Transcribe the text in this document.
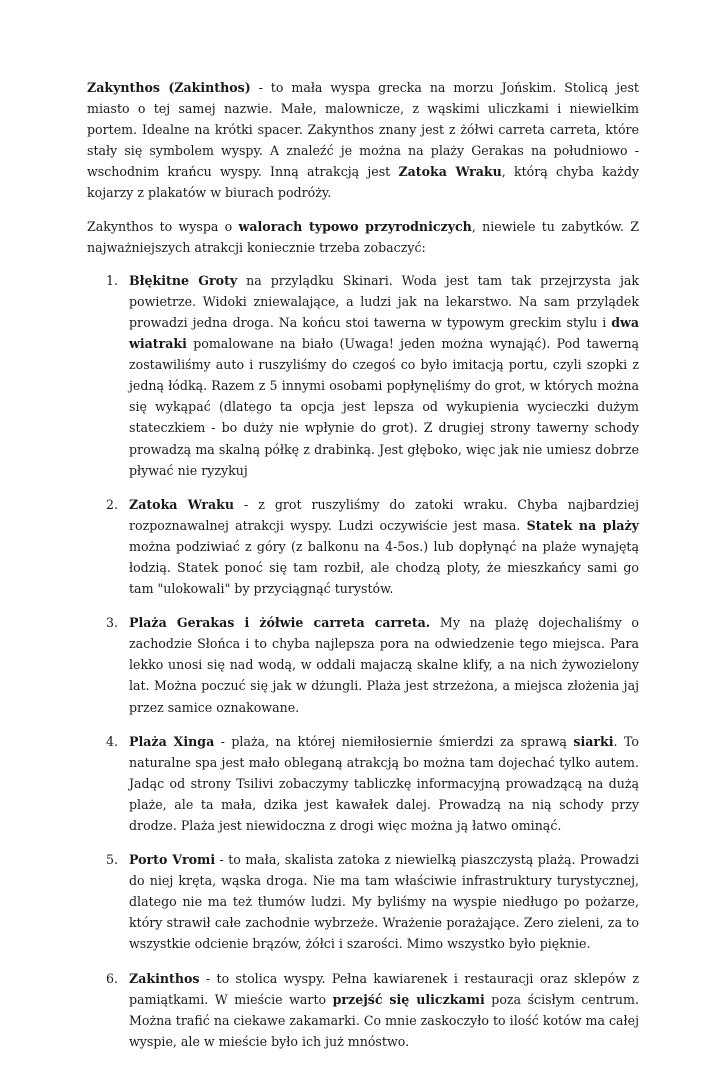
Zakynthos (Zakinthos) - to mała wyspa grecka na morzu Jońskim. Stolicą jest miasto o tej samej nazwie. Małe, malownicze, z wąskimi uliczkami i niewielkim portem. Idealne na krótki spacer. Zakynthos znany jest z żółwi carreta carreta, które stały się symbolem wyspy. A znaleźć je można na plaży Gerakas na południowo - wschodnim krańcu wyspy. Inną atrakcją jest Zatoka Wraku, którą chyba każdy kojarzy z plakatów w biurach podróży.

Zakynthos to wyspa o walorach typowo przyrodniczych, niewiele tu zabytków. Z najważniejszych atrakcji koniecznie trzeba zobaczyć:

1. Błękitne Groty na przylądku Skinari. Woda jest tam tak przejrzysta jak powietrze. Widoki zniewalające, a ludzi jak na lekarstwo. Na sam przylądek prowadzi jedna droga. Na końcu stoi tawerna w typowym greckim stylu i dwa wiatraki pomalowane na biało (Uwaga! jeden można wynająć). Pod tawerną zostawiliśmy auto i ruszyliśmy do czegoś co było imitacją portu, czyli szopki z jedną łódką. Razem z 5 innymi osobami popłynęliśmy do grot, w których można się wykąpać (dlatego ta opcja jest lepsza od wykupienia wycieczki dużym stateczkiem - bo duży nie wpłynie do grot). Z drugiej strony tawerny schody prowadzą ma skalną półkę z drabinką. Jest głęboko, więc jak nie umiesz dobrze pływać nie ryzykuj
2. Zatoka Wraku - z grot ruszyliśmy do zatoki wraku. Chyba najbardziej rozpoznawalnej atrakcji wyspy. Ludzi oczywiście jest masa. Statek na plaży można podziwiać z góry (z balkonu na 4-5os.) lub dopłynąć na plaże wynajętą łodzią. Statek ponoć się tam rozbił, ale chodzą ploty, że mieszkańcy sami go tam "ulokowali" by przyciągnąć turystów.
3. Plaża Gerakas i żółwie carreta carreta. My na plażę dojechaliśmy o zachodzie Słońca i to chyba najlepsza pora na odwiedzenie tego miejsca. Para lekko unosi się nad wodą, w oddali majaczą skalne klify, a na nich żywozielony lat. Można poczuć się jak w dżungli. Plaża jest strzeżona, a miejsca złożenia jaj przez samice oznakowane.
4. Plaża Xinga - plaża, na której niemiłosiernie śmierdzi za sprawą siarki. To naturalne spa jest mało obleganą atrakcją bo można tam dojechać tylko autem. Jadąc od strony Tsilivi zobaczymy tabliczkę informacyjną prowadzącą na dużą plaże, ale ta mała, dzika jest kawałek dalej. Prowadzą na nią schody przy drodze. Plaża jest niewidoczna z drogi więc można ją łatwo ominąć.
5. Porto Vromi - to mała, skalista zatoka z niewielką piaszczystą plażą. Prowadzi do niej kręta, wąska droga. Nie ma tam właściwie infrastruktury turystycznej, dlatego nie ma też tłumów ludzi. My byliśmy na wyspie niedługo po pożarze, który strawił całe zachodnie wybrzeże. Wrażenie porażające. Zero zieleni, za to wszystkie odcienie brązów, żółci i szarości. Mimo wszystko było pięknie.
6. Zakinthos - to stolica wyspy. Pełna kawiarenek i restauracji oraz sklepów z pamiątkami. W mieście warto przejść się uliczkami poza ścisłym centrum. Można trafić na ciekawe zakamarki. Co mnie zaskoczyło to ilość kotów ma całej wyspie, ale w mieście było ich już mnóstwo.
